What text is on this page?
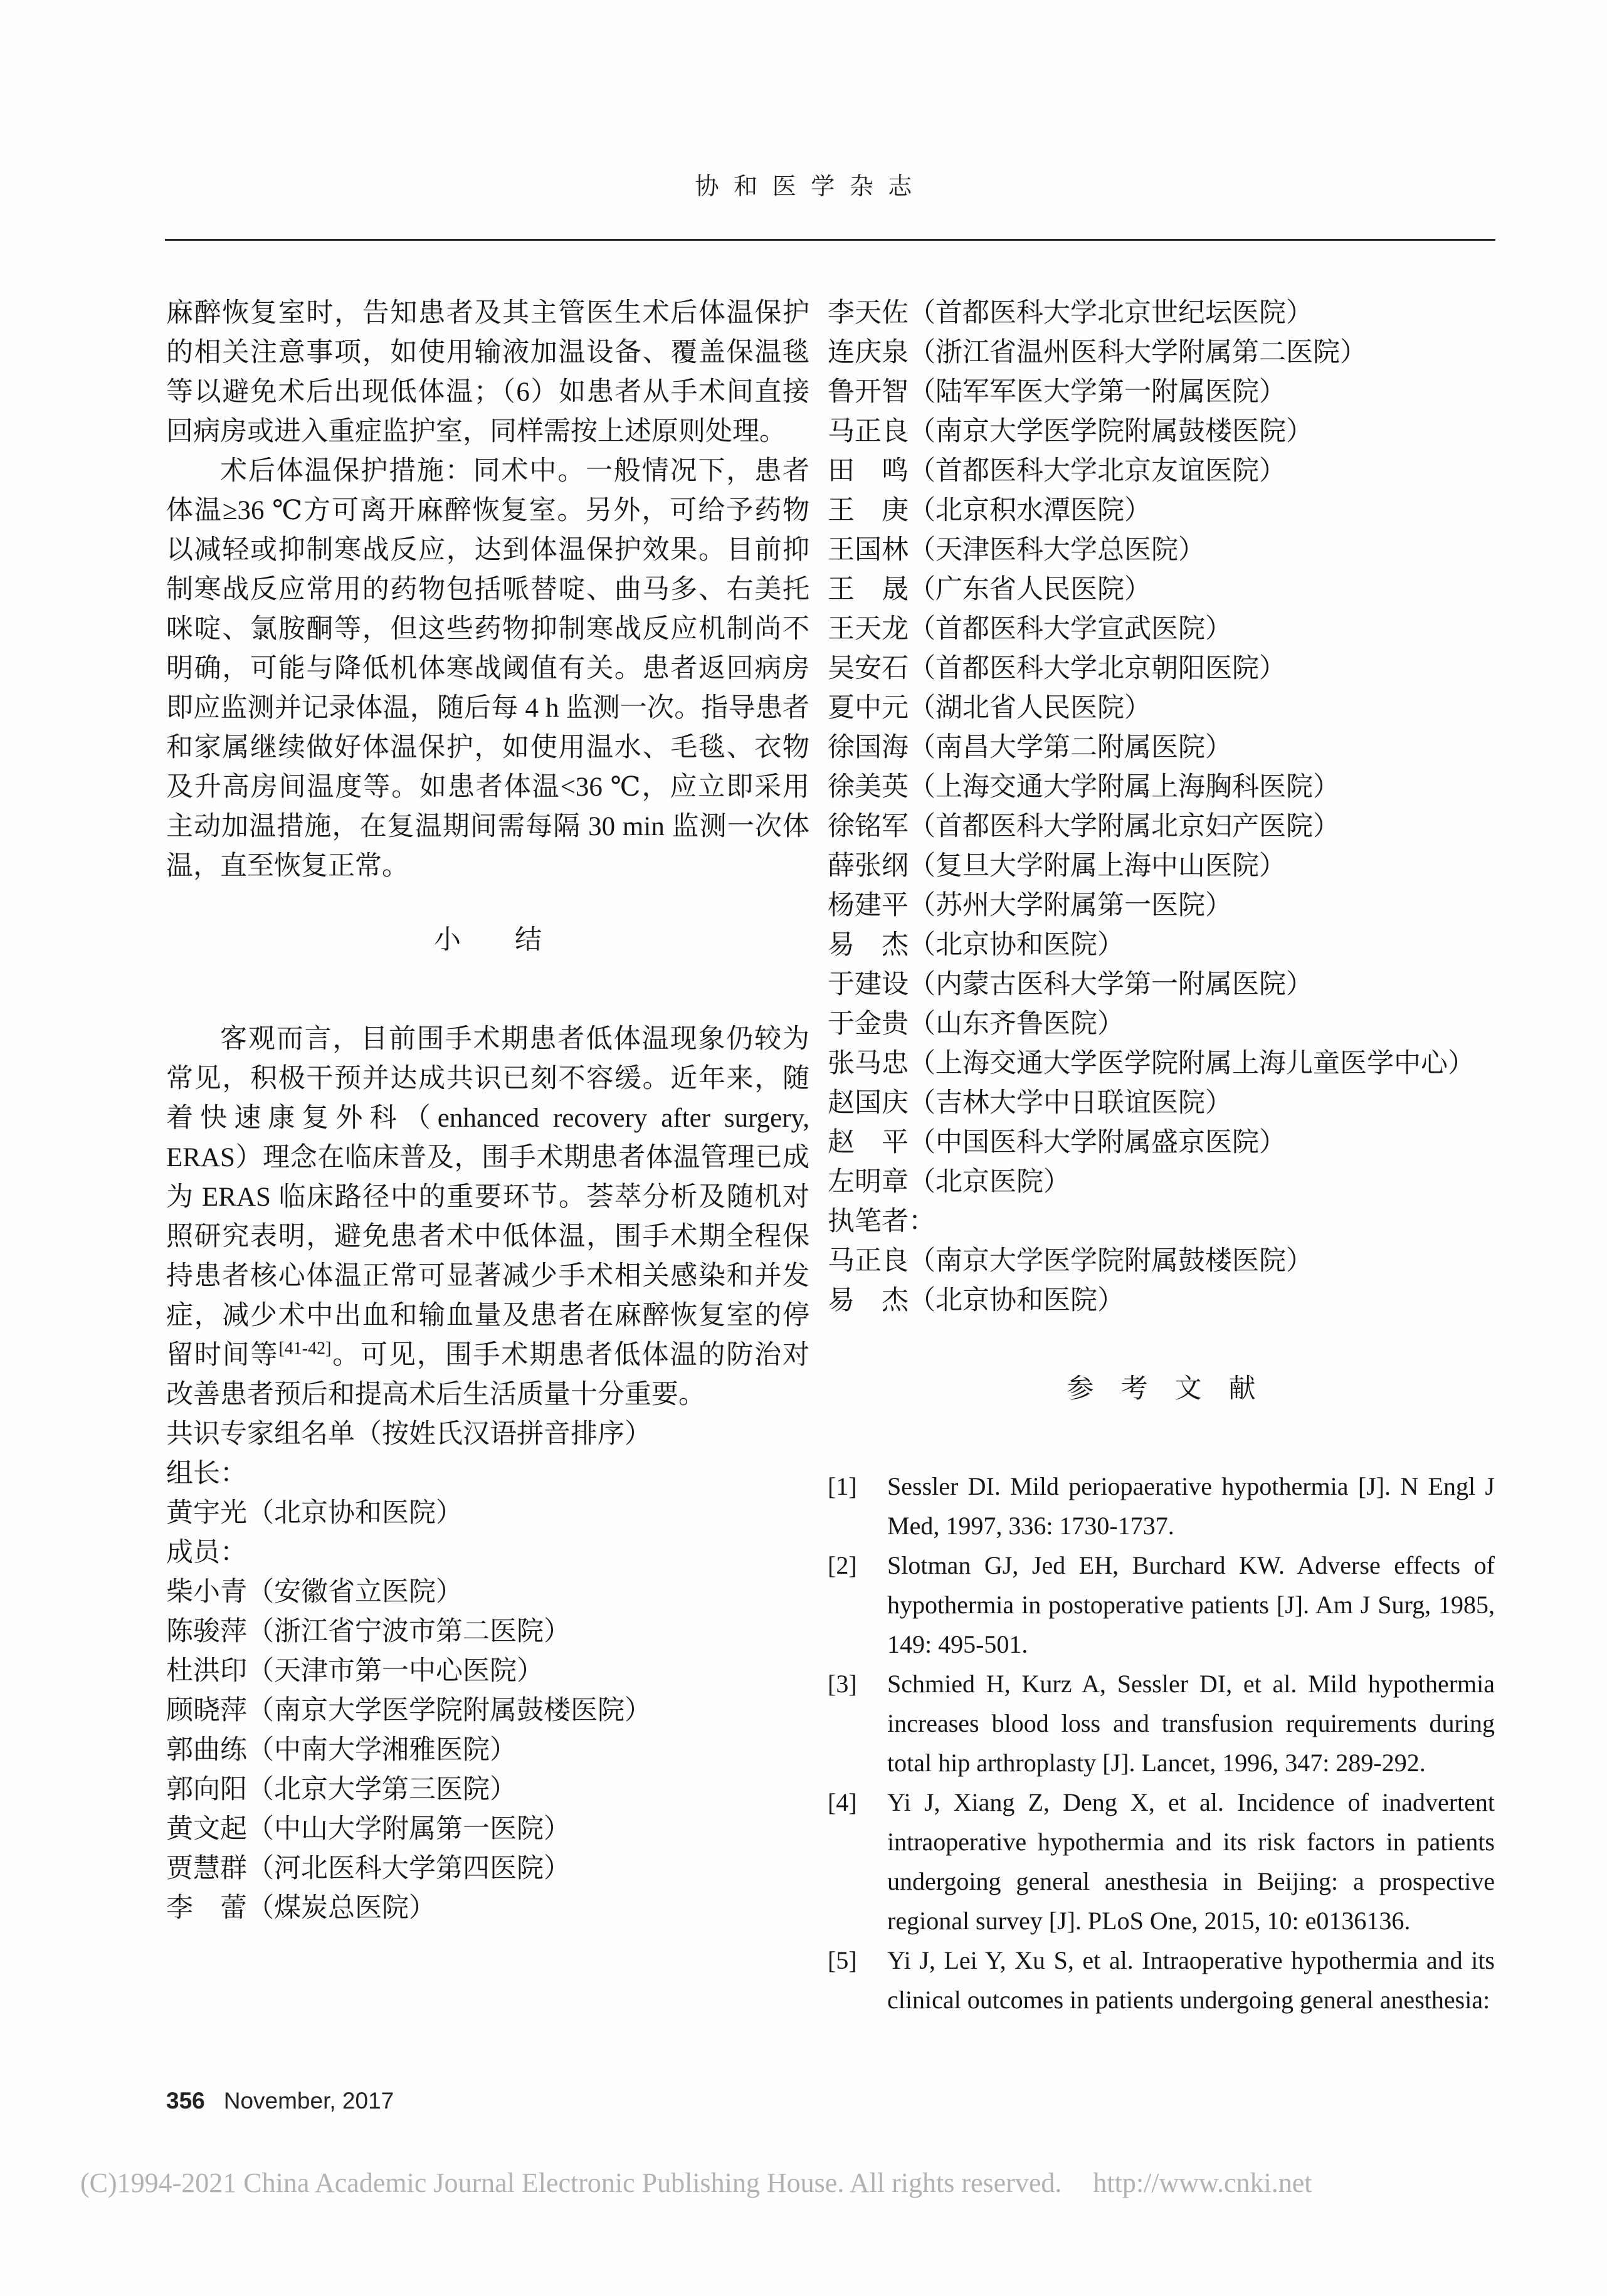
协和医学杂志

麻醉恢复室时，告知患者及其主管医生术后体温保护的相关注意事项，如使用输液加温设备、覆盖保温毯等以避免术后出现低体温；（6）如患者从手术间直接回病房或进入重症监护室，同样需按上述原则处理。

术后体温保护措施：同术中。一般情况下，患者体温≥36 ℃方可离开麻醉恢复室。另外，可给予药物以减轻或抑制寒战反应，达到体温保护效果。目前抑制寒战反应常用的药物包括哌替啶、曲马多、右美托咪啶、氯胺酮等，但这些药物抑制寒战反应机制尚不明确，可能与降低机体寒战阈值有关。患者返回病房即应监测并记录体温，随后每 4 h 监测一次。指导患者和家属继续做好体温保护，如使用温水、毛毯、衣物及升高房间温度等。如患者体温<36 ℃，应立即采用主动加温措施，在复温期间需每隔 30 min 监测一次体温，直至恢复正常。

小　　结

客观而言，目前围手术期患者低体温现象仍较为常见，积极干预并达成共识已刻不容缓。近年来，随着快速康复外科（enhanced recovery after surgery, ERAS）理念在临床普及，围手术期患者体温管理已成为 ERAS 临床路径中的重要环节。荟萃分析及随机对照研究表明，避免患者术中低体温，围手术期全程保持患者核心体温正常可显著减少手术相关感染和并发症，减少术中出血和输血量及患者在麻醉恢复室的停留时间等[41-42]。可见，围手术期患者低体温的防治对改善患者预后和提高术后生活质量十分重要。

共识专家组名单（按姓氏汉语拼音排序）

组长：

黄宇光（北京协和医院）

成员：

柴小青（安徽省立医院）

陈骏萍（浙江省宁波市第二医院）

杜洪印（天津市第一中心医院）

顾晓萍（南京大学医学院附属鼓楼医院）

郭曲练（中南大学湘雅医院）

郭向阳（北京大学第三医院）

黄文起（中山大学附属第一医院）

贾慧群（河北医科大学第四医院）

李　蕾（煤炭总医院）

李天佐（首都医科大学北京世纪坛医院）

连庆泉（浙江省温州医科大学附属第二医院）

鲁开智（陆军军医大学第一附属医院）

马正良（南京大学医学院附属鼓楼医院）

田　鸣（首都医科大学北京友谊医院）

王　庚（北京积水潭医院）

王国林（天津医科大学总医院）

王　晟（广东省人民医院）

王天龙（首都医科大学宣武医院）

吴安石（首都医科大学北京朝阳医院）

夏中元（湖北省人民医院）

徐国海（南昌大学第二附属医院）

徐美英（上海交通大学附属上海胸科医院）

徐铭军（首都医科大学附属北京妇产医院）

薛张纲（复旦大学附属上海中山医院）

杨建平（苏州大学附属第一医院）

易　杰（北京协和医院）

于建设（内蒙古医科大学第一附属医院）

于金贵（山东齐鲁医院）

张马忠（上海交通大学医学院附属上海儿童医学中心）

赵国庆（吉林大学中日联谊医院）

赵　平（中国医科大学附属盛京医院）

左明章（北京医院）

执笔者：

马正良（南京大学医学院附属鼓楼医院）

易　杰（北京协和医院）

参　考　文　献
[1]	Sessler DI. Mild periopaerative hypothermia [J]. N Engl J Med, 1997, 336: 1730-1737.

[2]	Slotman GJ, Jed EH, Burchard KW. Adverse effects of hypothermia in postoperative patients [J]. Am J Surg, 1985, 149: 495-501.

[3]	Schmied H, Kurz A, Sessler DI, et al. Mild hypothermia increases blood loss and transfusion requirements during total hip arthroplasty [J]. Lancet, 1996, 347: 289-292.

[4]	Yi J, Xiang Z, Deng X, et al. Incidence of inadvertent intraoperative hypothermia and its risk factors in patients undergoing general anesthesia in Beijing: a prospective regional survey [J]. PLoS One, 2015, 10: e0136136.

[5]	Yi J, Lei Y, Xu S, et al. Intraoperative hypothermia and its clinical outcomes in patients undergoing general anesthesia:

356 November, 2017
(C)1994-2021 China Academic Journal Electronic Publishing House. All rights reserved. http://www.cnki.net
